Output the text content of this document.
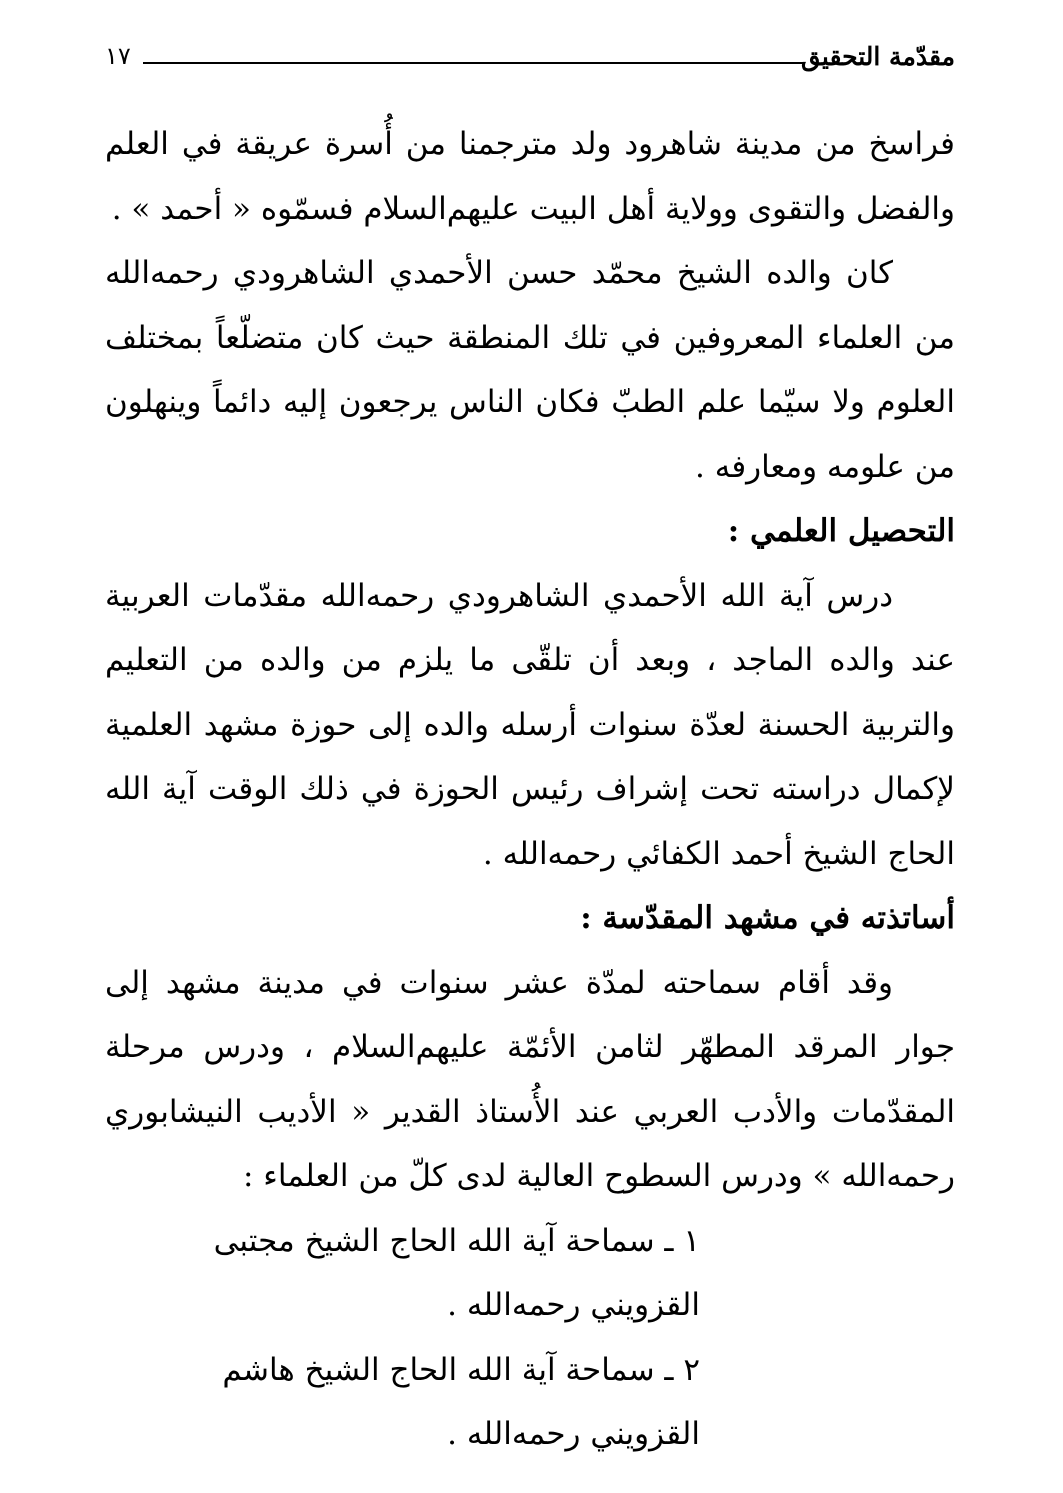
مقدّمة التحقيق
١٧

فراسخ من مدينة شاهرود ولد مترجمنا من أُسرة عريقة في العلم والفضل والتقوى وولاية أهل البيت عليهم‌السلام فسمّوه « أحمد » .

كان والده الشيخ محمّد حسن الأحمدي الشاهرودي رحمه‌الله من العلماء المعروفين في تلك المنطقة حيث كان متضلّعاً بمختلف العلوم ولا سيّما علم الطبّ فكان الناس يرجعون إليه دائماً وينهلون من علومه ومعارفه .

التحصيل العلمي :

درس آية الله الأحمدي الشاهرودي رحمه‌الله مقدّمات العربية عند والده الماجد ، وبعد أن تلقّى ما يلزم من والده من التعليم والتربية الحسنة لعدّة سنوات أرسله والده إلى حوزة مشهد العلمية لإكمال دراسته تحت إشراف رئيس الحوزة في ذلك الوقت آية الله الحاج الشيخ أحمد الكفائي رحمه‌الله .

أساتذته في مشهد المقدّسة :

وقد أقام سماحته لمدّة عشر سنوات في مدينة مشهد إلى جوار المرقد المطهّر لثامن الأئمّة عليهم‌السلام ، ودرس مرحلة المقدّمات والأدب العربي عند الأُستاذ القدير « الأديب النيشابوري رحمه‌الله » ودرس السطوح العالية لدى كلّ من العلماء :

١ ـ سماحة آية الله الحاج الشيخ مجتبى القزويني رحمه‌الله .

٢ ـ سماحة آية الله الحاج الشيخ هاشم القزويني رحمه‌الله .
